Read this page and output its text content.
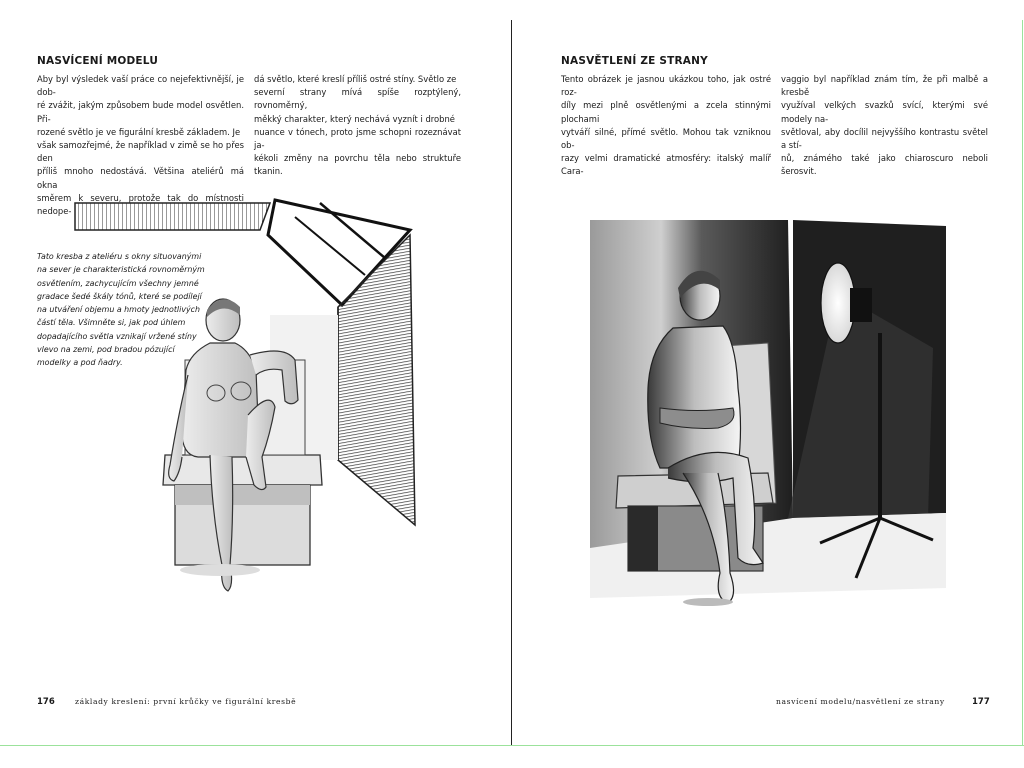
NASVÍCENÍ MODELU
Aby byl výsledek vaší práce co nejefektivnější, je dob-
ré zvážit, jakým způsobem bude model osvětlen. Při-
rozené světlo je ve figurální kresbě základem. Je
však samozřejmé, že například v zimě se ho přes den
příliš mnoho nedostává. Většina ateliérů má okna
směrem k severu, protože tak do místnosti nedope-
dá světlo, které kreslí příliš ostré stíny. Světlo ze
severní strany mívá spíše rozptýlený, rovnoměrný,
měkký charakter, který nechává vyznít i drobné
nuance v tónech, proto jsme schopni rozeznávat ja-
kékoli změny na povrchu těla nebo struktuře tkanin.
Tato kresba z ateliéru s okny situovanými
na sever je charakteristická rovnoměrným
osvětlením, zachycujícím všechny jemné
gradace šedé škály tónů, které se podílejí
na utváření objemu a hmoty jednotlivých
částí těla. Všimněte si, jak pod úhlem
dopadajícího světla vznikají vržené stíny
vlevo na zemi, pod bradou pózující
modelky a pod ňadry.
NASVĚTLENÍ ZE STRANY
Tento obrázek je jasnou ukázkou toho, jak ostré roz-
díly mezi plně osvětlenými a zcela stinnými plochami
vytváří silné, přímé světlo. Mohou tak vzniknou ob-
razy velmi dramatické atmosféry: italský malíř Cara-
vaggio byl například znám tím, že při malbě a kresbě
využíval velkých svazků svící, kterými své modely na-
světloval, aby docílil nejvyššího kontrastu světel a stí-
nů, známého také jako chiaroscuro neboli šerosvit.
176	základy kreslení: první krůčky ve figurální kresbě	nasvícení modelu/nasvětlení ze strany	177
